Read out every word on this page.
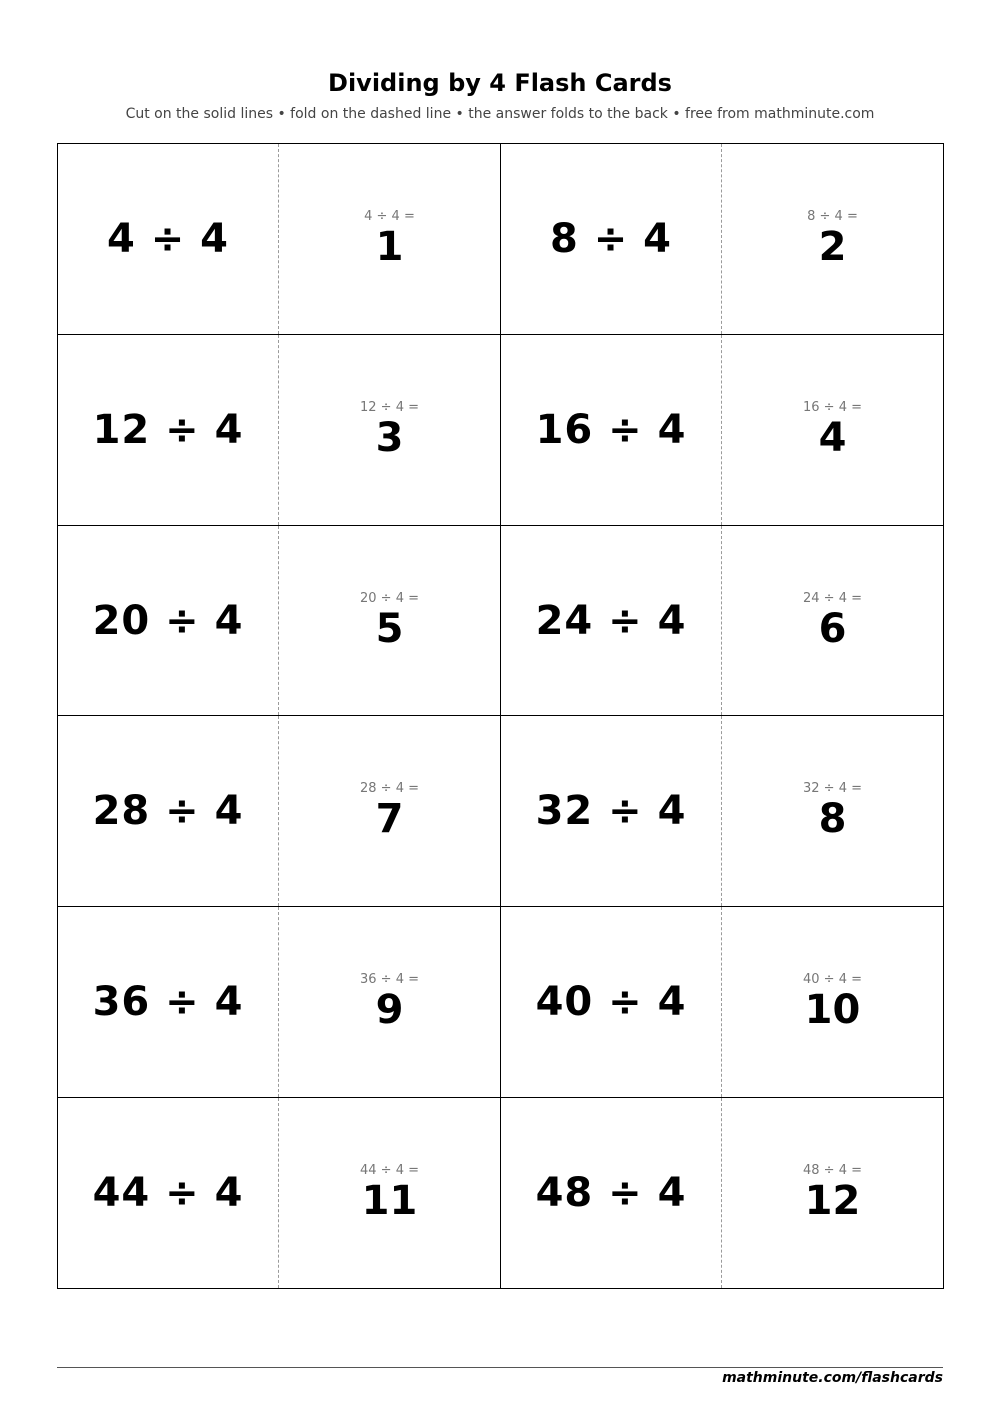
Dividing by 4 Flash Cards
Cut on the solid lines • fold on the dashed line • the answer folds to the back • free from mathminute.com
4 ÷ 4	4 ÷ 4 =
1	8 ÷ 4	8 ÷ 4 =
2
12 ÷ 4	12 ÷ 4 =
3	16 ÷ 4	16 ÷ 4 =
4
20 ÷ 4	20 ÷ 4 =
5	24 ÷ 4	24 ÷ 4 =
6
28 ÷ 4	28 ÷ 4 =
7	32 ÷ 4	32 ÷ 4 =
8
36 ÷ 4	36 ÷ 4 =
9	40 ÷ 4	40 ÷ 4 =
10
44 ÷ 4	44 ÷ 4 =
11	48 ÷ 4	48 ÷ 4 =
12
mathminute.com/flashcards
